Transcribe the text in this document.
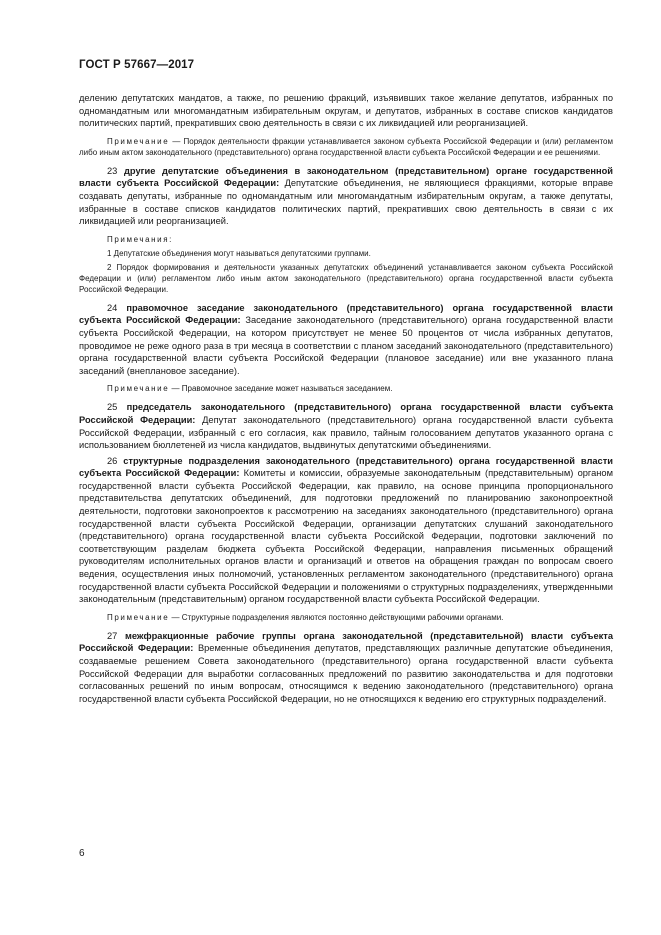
ГОСТ Р 57667—2017

делению депутатских мандатов, а также, по решению фракций, изъявивших такое желание депутатов, избранных по одномандатным или многомандатным избирательным округам, и депутатов, избранных в составе списков кандидатов политических партий, прекративших свою деятельность в связи с их ликвидацией или реорганизацией.

Примечание — Порядок деятельности фракции устанавливается законом субъекта Российской Федерации и (или) регламентом либо иным актом законодательного (представительного) органа государственной власти субъекта Российской Федерации и ее решениями.

23 другие депутатские объединения в законодательном (представительном) органе государственной власти субъекта Российской Федерации: Депутатские объединения, не являющиеся фракциями, которые вправе создавать депутаты, избранные по одномандатным или многомандатным избирательным округам, а также депутаты, избранные в составе списков кандидатов политических партий, прекративших свою деятельность в связи с их ликвидацией или реорганизацией.

Примечания:

1 Депутатские объединения могут называться депутатскими группами.

2 Порядок формирования и деятельности указанных депутатских объединений устанавливается законом субъекта Российской Федерации и (или) регламентом либо иным актом законодательного (представительного) органа государственной власти субъекта Российской Федерации.

24 правомочное заседание законодательного (представительного) органа государственной власти субъекта Российской Федерации: Заседание законодательного (представительного) органа государственной власти субъекта Российской Федерации, на котором присутствует не менее 50 процентов от числа избранных депутатов, проводимое не реже одного раза в три месяца в соответствии с планом заседаний законодательного (представительного) органа государственной власти субъекта Российской Федерации (плановое заседание) или вне указанного плана заседаний (внеплановое заседание).

Примечание — Правомочное заседание может называться заседанием.

25 председатель законодательного (представительного) органа государственной власти субъекта Российской Федерации: Депутат законодательного (представительного) органа государственной власти субъекта Российской Федерации, избранный с его согласия, как правило, тайным голосованием депутатов указанного органа с использованием бюллетеней из числа кандидатов, выдвинутых депутатскими объединениями.

26 структурные подразделения законодательного (представительного) органа государственной власти субъекта Российской Федерации: Комитеты и комиссии, образуемые законодательным (представительным) органом государственной власти субъекта Российской Федерации, как правило, на основе принципа пропорционального представительства депутатских объединений, для подготовки предложений по планированию законопроектной деятельности, подготовки законопроектов к рассмотрению на заседаниях законодательного (представительного) органа государственной власти субъекта Российской Федерации, организации депутатских слушаний законодательного (представительного) органа государственной власти субъекта Российской Федерации, подготовки заключений по соответствующим разделам бюджета субъекта Российской Федерации, направления письменных обращений руководителям исполнительных органов власти и организаций и ответов на обращения граждан по вопросам своего ведения, осуществления иных полномочий, установленных регламентом законодательного (представительного) органа государственной власти субъекта Российской Федерации и положениями о структурных подразделениях, утвержденными законодательным (представительным) органом государственной власти субъекта Российской Федерации.

Примечание — Структурные подразделения являются постоянно действующими рабочими органами.

27 межфракционные рабочие группы органа законодательной (представительной) власти субъекта Российской Федерации: Временные объединения депутатов, представляющих различные депутатские объединения, создаваемые решением Совета законодательного (представительного) органа государственной власти субъекта Российской Федерации для выработки согласованных предложений по развитию законодательства и для подготовки согласованных решений по иным вопросам, относящимся к ведению законодательного (представительного) органа государственной власти субъекта Российской Федерации, но не относящихся к ведению его структурных подразделений.

6
